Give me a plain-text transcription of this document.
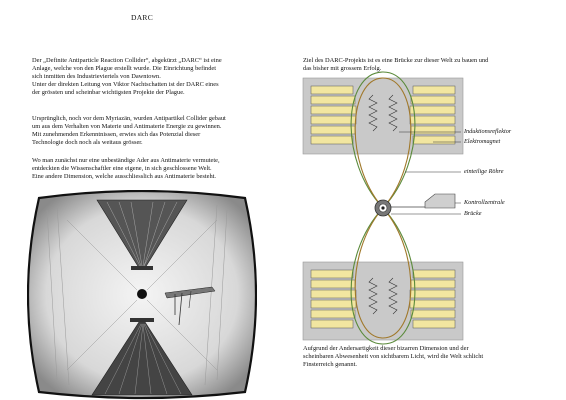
DARC

Der „Definite Antiparticle Reaction Collider“, abgekürzt „DARC“ ist eine
Anlage, welche von den Plague erstellt wurde. Die Einrichtung befindet
sich inmitten des Industrieviertels von Dawntown.
Unter der direkten Leitung von Viktor Nachtschatten ist der DARC eines
der grössten und scheinbar wichtigsten Projekte der Plague.

Ursprünglich, noch vor dem Myriazän, wurden Antipartikel Collider gebaut
um aus dem Verhalten von Materie und Antimaterie Energie zu gewinnen.
Mit zunehmenden Erkenntnissen, erwies sich das Potenzial dieser
Technologie doch noch als weitaus grösser.

Wo man zunächst nur eine unbeständige Ader aus Antimaterie vermutete,
entdeckten die Wissenschaftler eine eigene, in sich geschlossene Welt.
Eine andere Dimension, welche ausschliesslich aus Antimaterie besteht.

Ziel des DARC-Projekts ist es eine Brücke zur dieser Welt zu bauen und
das bisher mit grossem Erfolg.

Induktionsreflektor
Elektromagnet
einteilige Röhre
Kontrollzentrale
Brücke

Aufgrund der Andersartigkeit dieser bizarren Dimension und der
scheinbaren Abwesenheit von sichtbarem Licht, wird die Welt schlicht
Finsterreich genannt.
